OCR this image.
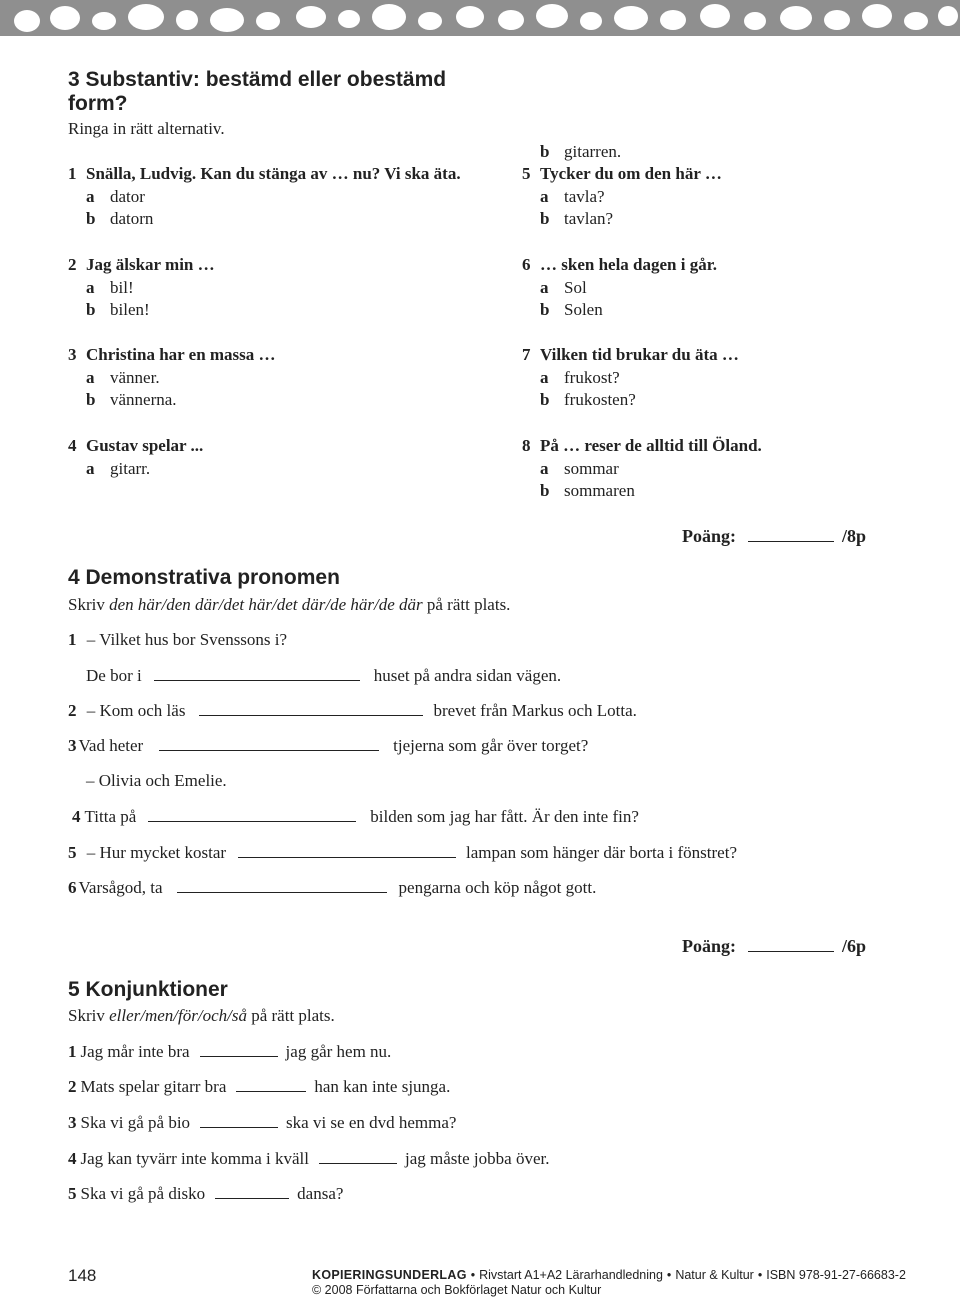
3 Substantiv: bestämd eller obestämd
form?
Ringa in rätt alternativ.
1 Snälla, Ludvig. Kan du stänga av … nu? Vi ska äta.
a dator
b datorn
2 Jag älskar min …
a bil!
b bilen!
3 Christina har en massa …
a vänner.
b vännerna.
4 Gustav spelar ...
a gitarr.
b gitarren.
5 Tycker du om den här …
a tavla?
b tavlan?
6 … sken hela dagen i går.
a Sol
b Solen
7 Vilken tid brukar du äta …
a frukost?
b frukosten?
8 På … reser de alltid till Öland.
a sommar
b sommaren
Poäng:	/8p
4 Demonstrativa pronomen
Skriv den här/den där/det här/det där/de här/de där på rätt plats.
1 – Vilket hus bor Svenssons i?
De bor i	huset på andra sidan vägen.
2 – Kom och läs	brevet från Markus och Lotta.
3 Vad heter	tjejerna som går över torget?
– Olivia och Emelie.
4 Titta på	bilden som jag har fått. Är den inte fin?
5 – Hur mycket kostar	lampan som hänger där borta i fönstret?
6 Varsågod, ta	pengarna och köp något gott.
Poäng:	/6p
5 Konjunktioner
Skriv eller/men/för/och/så på rätt plats.
1 Jag mår inte bra	jag går hem nu.
2 Mats spelar gitarr bra	han kan inte sjunga.
3 Ska vi gå på bio	ska vi se en dvd hemma?
4 Jag kan tyvärr inte komma i kväll	jag måste jobba över.
5 Ska vi gå på disko	dansa?
148	KOPIERINGSUNDERLAG • Rivstart A1+A2 Lärarhandledning • Natur & Kultur • ISBN 978-91-27-66683-2
© 2008 Författarna och Bokförlaget Natur och Kultur
